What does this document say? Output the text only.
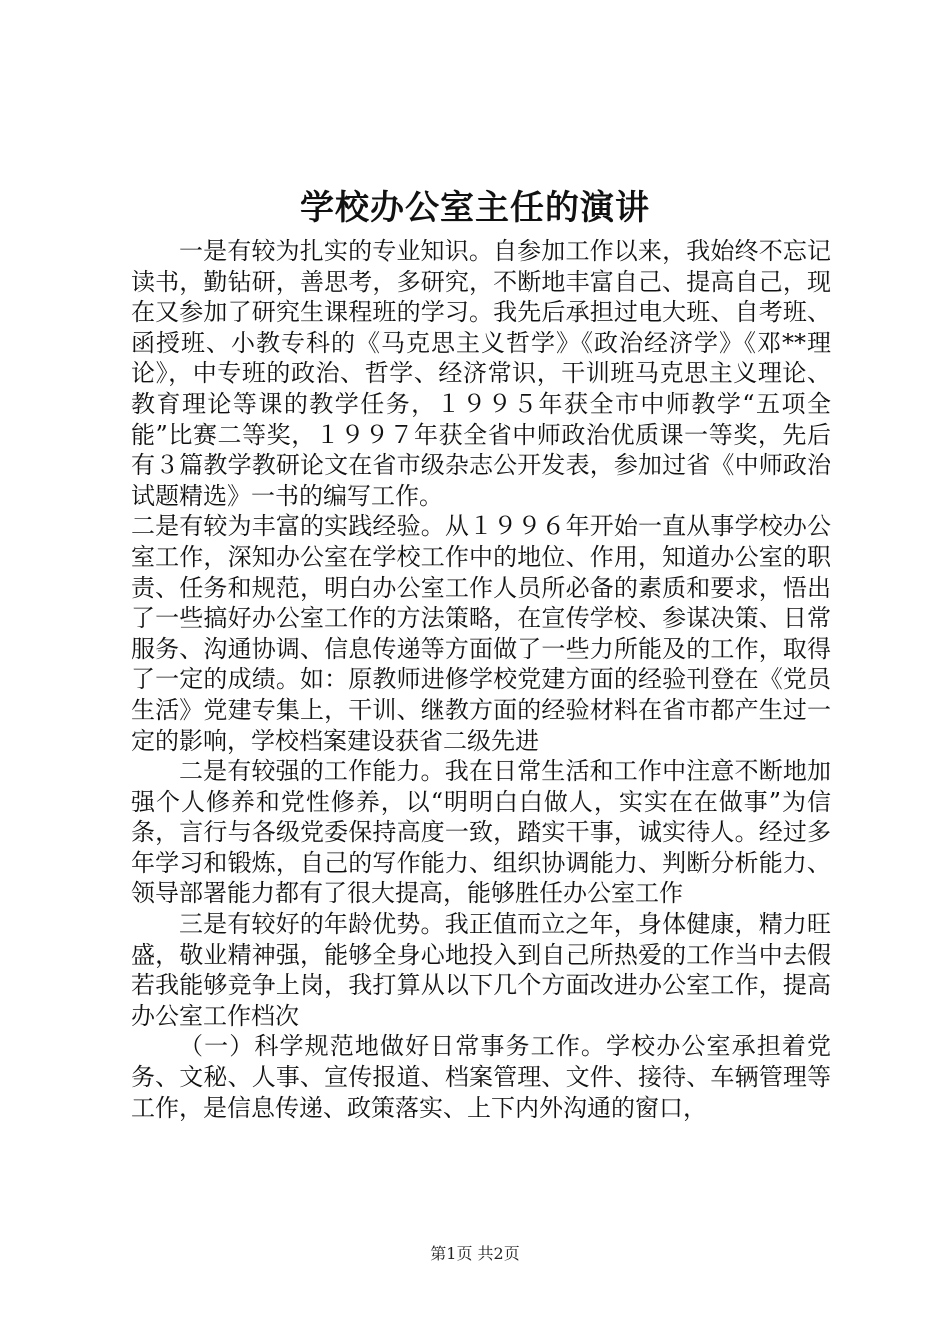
学校办公室主任的演讲

一是有较为扎实的专业知识。自参加工作以来，我始终不忘记读书，勤钻研，善思考，多研究，不断地丰富自己、提高自己，现在又参加了研究生课程班的学习。我先后承担过电大班、自考班、函授班、小教专科的《马克思主义哲学》《政治经济学》《邓**理论》，中专班的政治、哲学、经济常识，干训班马克思主义理论、教育理论等课的教学任务，１９９５年获全市中师教学“五项全能”比赛二等奖，１９９７年获全省中师政治优质课一等奖，先后有３篇教学教研论文在省市级杂志公开发表，参加过省《中师政治试题精选》一书的编写工作。

二是有较为丰富的实践经验。从１９９６年开始一直从事学校办公室工作，深知办公室在学校工作中的地位、作用，知道办公室的职责、任务和规范，明白办公室工作人员所必备的素质和要求，悟出了一些搞好办公室工作的方法策略，在宣传学校、参谋决策、日常服务、沟通协调、信息传递等方面做了一些力所能及的工作，取得了一定的成绩。如：原教师进修学校党建方面的经验刊登在《党员生活》党建专集上，干训、继教方面的经验材料在省市都产生过一定的影响，学校档案建设获省二级先进

二是有较强的工作能力。我在日常生活和工作中注意不断地加强个人修养和党性修养，以“明明白白做人，实实在在做事”为信条，言行与各级党委保持高度一致，踏实干事，诚实待人。经过多年学习和锻炼，自己的写作能力、组织协调能力、判断分析能力、领导部署能力都有了很大提高，能够胜任办公室工作

三是有较好的年龄优势。我正值而立之年，身体健康，精力旺盛，敬业精神强，能够全身心地投入到自己所热爱的工作当中去假若我能够竞争上岗，我打算从以下几个方面改进办公室工作，提高办公室工作档次

（一）科学规范地做好日常事务工作。学校办公室承担着党务、文秘、人事、宣传报道、档案管理、文件、接待、车辆管理等工作，是信息传递、政策落实、上下内外沟通的窗口，

第1页 共2页
